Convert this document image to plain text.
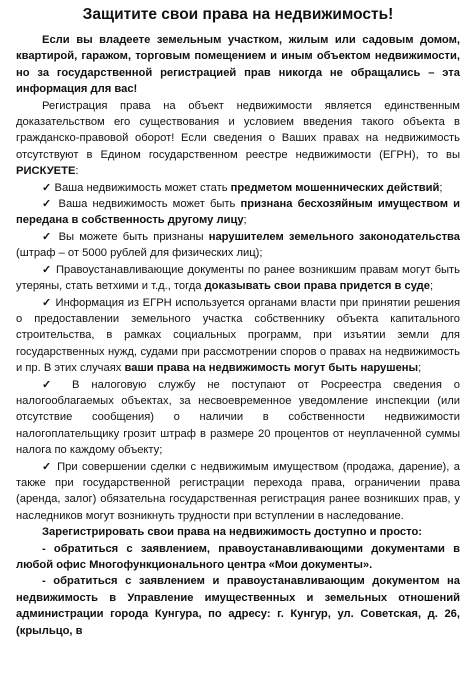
Защитите свои права на недвижимость!

Если вы владеете земельным участком, жилым или садовым домом, квартирой, гаражом, торговым помещением и иным объектом недвижимости, но за государственной регистрацией прав никогда не обращались – эта информация для вас!

Регистрация права на объект недвижимости является единственным доказательством его существования и условием введения такого объекта в гражданско-правовой оборот! Если сведения о Ваших правах на недвижимость отсутствуют в Едином государственном реестре недвижимости (ЕГРН), то вы РИСКУЕТЕ:

✓ Ваша недвижимость может стать предметом мошеннических действий;

✓ Ваша недвижимость может быть признана бесхозяйным имуществом и передана в собственность другому лицу;

✓ Вы можете быть признаны нарушителем земельного законодательства (штраф – от 5000 рублей для физических лиц);

✓ Правоустанавливающие документы по ранее возникшим правам могут быть утеряны, стать ветхими и т.д., тогда доказывать свои права придется в суде;

✓ Информация из ЕГРН используется органами власти при принятии решения о предоставлении земельного участка собственнику объекта капитального строительства, в рамках социальных программ, при изъятии земли для государственных нужд, судами при рассмотрении споров о правах на недвижимость и пр. В этих случаях ваши права на недвижимость могут быть нарушены;

✓ В налоговую службу не поступают от Росреестра сведения о налогооблагаемых объектах, за несвоевременное уведомление инспекции (или отсутствие сообщения) о наличии в собственности недвижимости налогоплательщику грозит штраф в размере 20 процентов от неуплаченной суммы налога по каждому объекту;

✓ При совершении сделки с недвижимым имуществом (продажа, дарение), а также при государственной регистрации перехода права, ограничении права (аренда, залог) обязательна государственная регистрация ранее возникших прав, у наследников могут возникнуть трудности при вступлении в наследование.

Зарегистрировать свои права на недвижимость доступно и просто:

- обратиться с заявлением, правоустанавливающими документами в любой офис Многофункционального центра «Мои документы».

- обратиться с заявлением и правоустанавливающим документом на недвижимость в Управление имущественных и земельных отношений администрации города Кунгура, по адресу: г. Кунгур, ул. Советская, д. 26, (крыльцо, в
